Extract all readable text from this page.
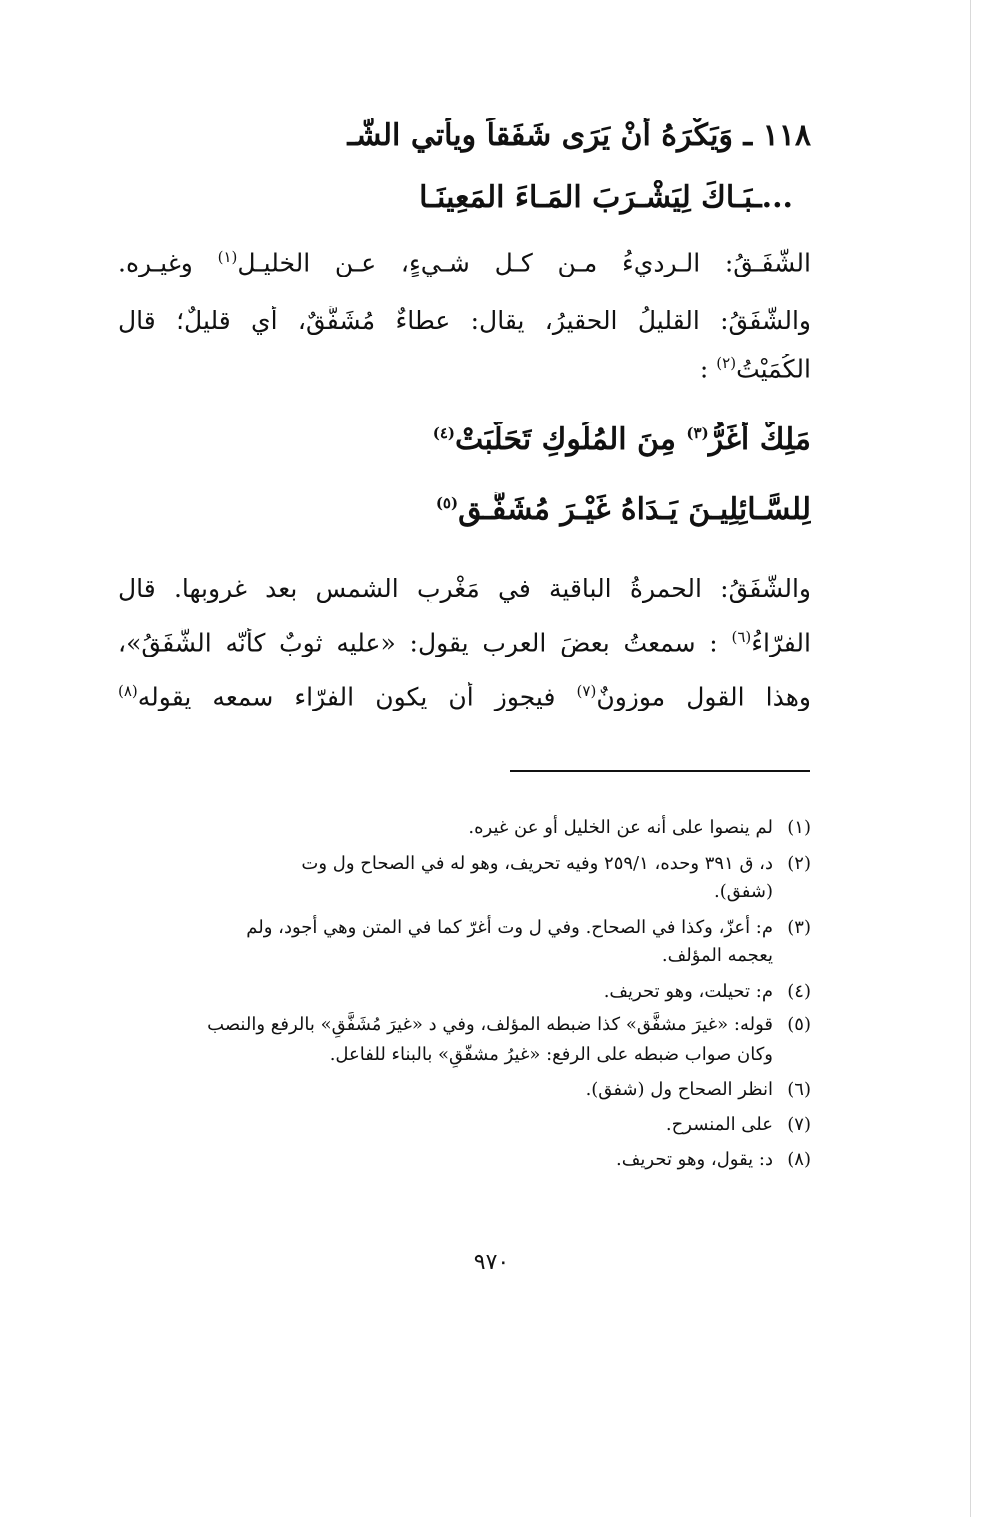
١١٨ ـ وَيَكْرَهُ أَنْ يَرَى شَفَقاً ويأتي الشّـ
...ـبَـاكَ لِيَشْـرَبَ المَـاءَ المَعِينَـا
الشّفَـقُ: الـرديءُ مـن كـل شـيءٍ، عـن الخليـل$^{(١)}$ وغيـره.
والشّفَقُ: القليلُ الحقيرُ، يقال: عطاءٌ مُشَفَّقٌ، أي قليلٌ؛ قال
الكُمَيْتُ$^{(٢)}$ :
مَلِكٌ أَغَرُّ$^{(٣)}$ مِنَ المُلُوكِ تَحَلَّبَتْ$^{(٤)}$
لِلسَّـائِلِيـنَ يَـدَاهُ غَيْـرَ مُشَفَّـقِ$^{(٥)}$
والشَّفَقُ: الحمرةُ الباقية في مَغْرِبِ الشمس بعد غروبِها. قال
الفرّاءُ$^{(٦)}$ : سمعتُ بعضَ العرب يقول: «عليه ثوبٌ كأنّه الشَّفَقُ»،
وهذا القول موزونٌ$^{(٧)}$ فيجوز أن يكون الفرّاء سمعه يقوله$^{(٨)}$
(١)لم ينصوا على أنه عن الخليل أو عن غيره.
(٢)د، ق ٣٩١ وحده، ٢٥٩/١ وفيه تحريف، وهو له في الصحاح ول وت
(شفق).
(٣)م: أعزّ، وكذا في الصحاح. وفي ل وت أغرّ كما في المتن وهي أجود، ولم
يعجمه المؤلف.
(٤)م: تحيلت، وهو تحريف.
(٥)قوله: «غيرَ مشفَّق» كذا ضبطه المؤلف، وفي د «غيرَ مُشَفَّقٍ» بالرفع والنصب
وكان صواب ضبطه على الرفع: «غيرُ مشفّقٍ» بالبناء للفاعل.
(٦)انظر الصحاح ول (شفق).
(٧)على المنسرح.
(٨)د: يقول، وهو تحريف.
٩٧٠
